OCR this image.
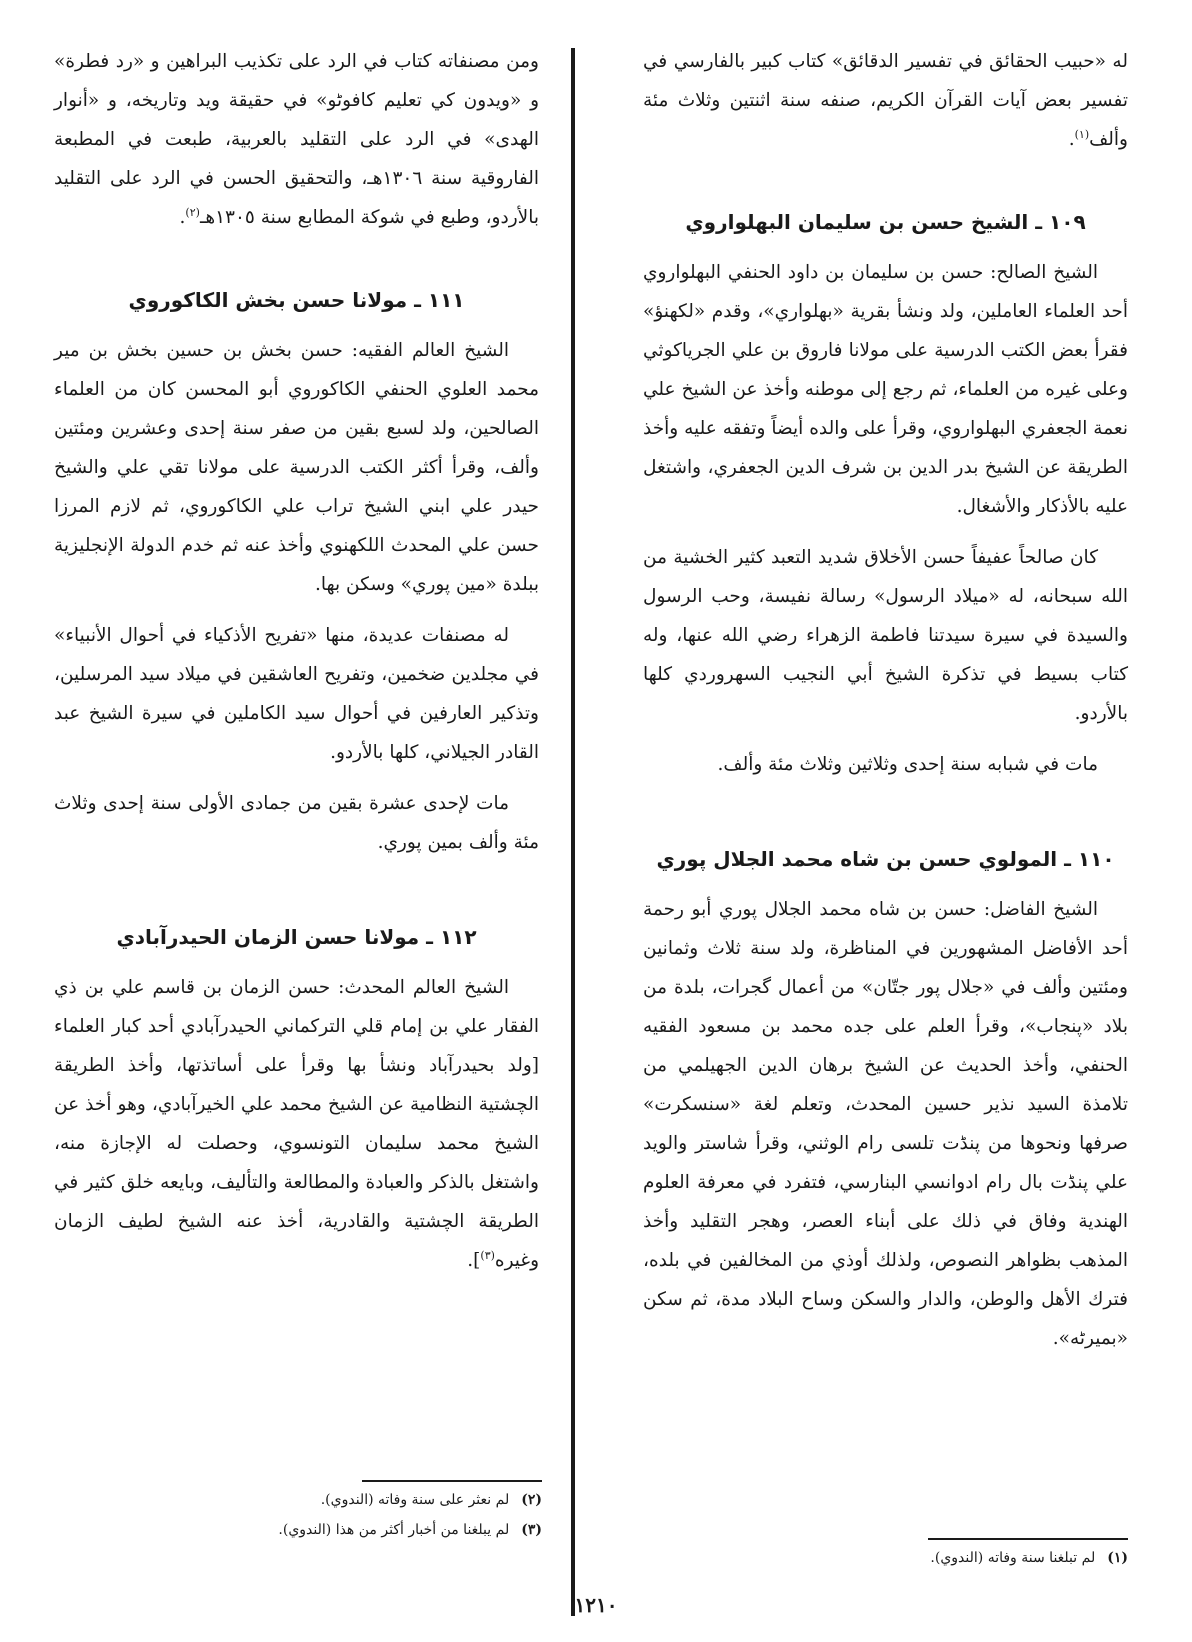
له «حبيب الحقائق في تفسير الدقائق» كتاب كبير بالفارسي في تفسير بعض آيات القرآن الكريم، صنفه سنة اثنتين وثلاث مئة وألف$^{(١)}$.

١٠٩ ـ الشيخ حسن بن سليمان البهلواروي

الشيخ الصالح: حسن بن سليمان بن داود الحنفي البهلواروي أحد العلماء العاملين، ولد ونشأ بقرية «بهلواري»، وقدم «لكهنؤ» فقرأ بعض الكتب الدرسية على مولانا فاروق بن علي الجرياكوثي وعلى غيره من العلماء، ثم رجع إلى موطنه وأخذ عن الشيخ علي نعمة الجعفري البهلواروي، وقرأ على والده أيضاً وتفقه عليه وأخذ الطريقة عن الشيخ بدر الدين بن شرف الدين الجعفري، واشتغل عليه بالأذكار والأشغال.

كان صالحاً عفيفاً حسن الأخلاق شديد التعبد كثير الخشية من الله سبحانه، له «ميلاد الرسول» رسالة نفيسة، وحب الرسول والسيدة في سيرة سيدتنا فاطمة الزهراء رضي الله عنها، وله كتاب بسيط في تذكرة الشيخ أبي النجيب السهروردي كلها بالأردو.

مات في شبابه سنة إحدى وثلاثين وثلاث مئة وألف.

١١٠ ـ المولوي حسن بن شاه محمد الجلال پوري

الشيخ الفاضل: حسن بن شاه محمد الجلال پوري أبو رحمة أحد الأفاضل المشهورين في المناظرة، ولد سنة ثلاث وثمانين ومئتين وألف في «جلال پور جتّان» من أعمال گجرات، بلدة من بلاد «پنجاب»، وقرأ العلم على جده محمد بن مسعود الفقيه الحنفي، وأخذ الحديث عن الشيخ برهان الدين الجهيلمي من تلامذة السيد نذير حسين المحدث، وتعلم لغة «سنسكرت» صرفها ونحوها من پنڈت تلسى رام الوثني، وقرأ شاستر والويد علي پنڈت بال رام ادوانسي البنارسي، فتفرد في معرفة العلوم الهندية وفاق في ذلك على أبناء العصر، وهجر التقليد وأخذ المذهب بظواهر النصوص، ولذلك أوذي من المخالفين في بلده، فترك الأهل والوطن، والدار والسكن وساح البلاد مدة، ثم سكن «بميرٹه».

ومن مصنفاته كتاب في الرد على تكذيب البراهين و «رد فطرة» و «ويدون كي تعليم كافوٹو» في حقيقة ويد وتاريخه، و «أنوار الهدى» في الرد على التقليد بالعربية، طبعت في المطبعة الفاروقية سنة ١٣٠٦هـ، والتحقيق الحسن في الرد على التقليد بالأردو، وطبع في شوكة المطابع سنة ١٣٠٥هـ$^{(٢)}$.

١١١ ـ مولانا حسن بخش الكاكوروي

الشيخ العالم الفقيه: حسن بخش بن حسين بخش بن مير محمد العلوي الحنفي الكاكوروي أبو المحسن كان من العلماء الصالحين، ولد لسبع بقين من صفر سنة إحدى وعشرين ومئتين وألف، وقرأ أكثر الكتب الدرسية على مولانا تقي علي والشيخ حيدر علي ابني الشيخ تراب علي الكاكوروي، ثم لازم المرزا حسن علي المحدث اللكهنوي وأخذ عنه ثم خدم الدولة الإنجليزية ببلدة «مين پوري» وسكن بها.

له مصنفات عديدة، منها «تفريح الأذكياء في أحوال الأنبياء» في مجلدين ضخمين، وتفريح العاشقين في ميلاد سيد المرسلين، وتذكير العارفين في أحوال سيد الكاملين في سيرة الشيخ عبد القادر الجيلاني، كلها بالأردو.

مات لإحدى عشرة بقين من جمادى الأولى سنة إحدى وثلاث مئة وألف بمين پوري.

١١٢ ـ مولانا حسن الزمان الحيدرآبادي

الشيخ العالم المحدث: حسن الزمان بن قاسم علي بن ذي الفقار علي بن إمام قلي التركماني الحيدرآبادي أحد كبار العلماء [ولد بحيدرآباد ونشأ بها وقرأ على أساتذتها، وأخذ الطريقة الچشتية النظامية عن الشيخ محمد علي الخيرآبادي، وهو أخذ عن الشيخ محمد سليمان التونسوي، وحصلت له الإجازة منه، واشتغل بالذكر والعبادة والمطالعة والتأليف، وبايعه خلق كثير في الطريقة الچشتية والقادرية، أخذ عنه الشيخ لطيف الزمان وغيره$^{(٣)}$].

(١)لم تبلغنا سنة وفاته (الندوي).
(٢)لم نعثر على سنة وفاته (الندوي).
(٣)لم يبلغنا من أخبار أكثر من هذا (الندوي).
١٢١٠
